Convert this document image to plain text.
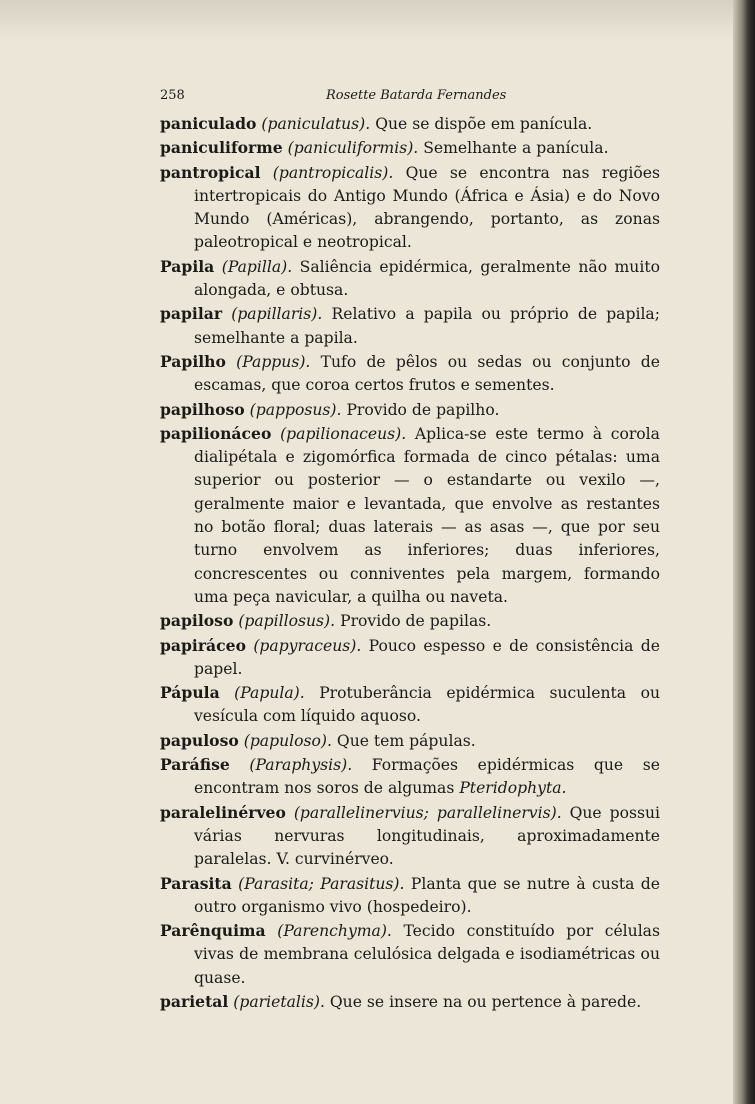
258	Rosette Batarda Fernandes

paniculado (paniculatus). Que se dispõe em panícula.

paniculiforme (paniculiformis). Semelhante a panícula.

pantropical (pantropicalis). Que se encontra nas regiões intertropicais do Antigo Mundo (África e Ásia) e do Novo Mundo (Américas), abrangendo, portanto, as zonas paleotropical e neotropical.

Papila (Papilla). Saliência epidérmica, geralmente não muito alongada, e obtusa.

papilar (papillaris). Relativo a papila ou próprio de papila; semelhante a papila.

Papilho (Pappus). Tufo de pêlos ou sedas ou conjunto de escamas, que coroa certos frutos e sementes.

papilhoso (papposus). Provido de papilho.

papilionáceo (papilionaceus). Aplica-se este termo à corola dialipétala e zigomórfica formada de cinco pétalas: uma superior ou posterior — o estandarte ou vexilo —, geralmente maior e levantada, que envolve as restantes no botão floral; duas laterais — as asas —, que por seu turno envolvem as inferiores; duas inferiores, concrescentes ou conniventes pela margem, formando uma peça navicular, a quilha ou naveta.

papiloso (papillosus). Provido de papilas.

papiráceo (papyraceus). Pouco espesso e de consistência de papel.

Pápula (Papula). Protuberância epidérmica suculenta ou vesícula com líquido aquoso.

papuloso (papuloso). Que tem pápulas.

Paráfise (Paraphysis). Formações epidérmicas que se encontram nos soros de algumas Pteridophyta.

paralelinérveo (parallelinervius; parallelinervis). Que possui várias nervuras longitudinais, aproximadamente paralelas. V. curvinérveo.

Parasita (Parasita; Parasitus). Planta que se nutre à custa de outro organismo vivo (hospedeiro).

Parênquima (Parenchyma). Tecido constituído por células vivas de membrana celulósica delgada e isodiamétricas ou quase.

parietal (parietalis). Que se insere na ou pertence à parede.
